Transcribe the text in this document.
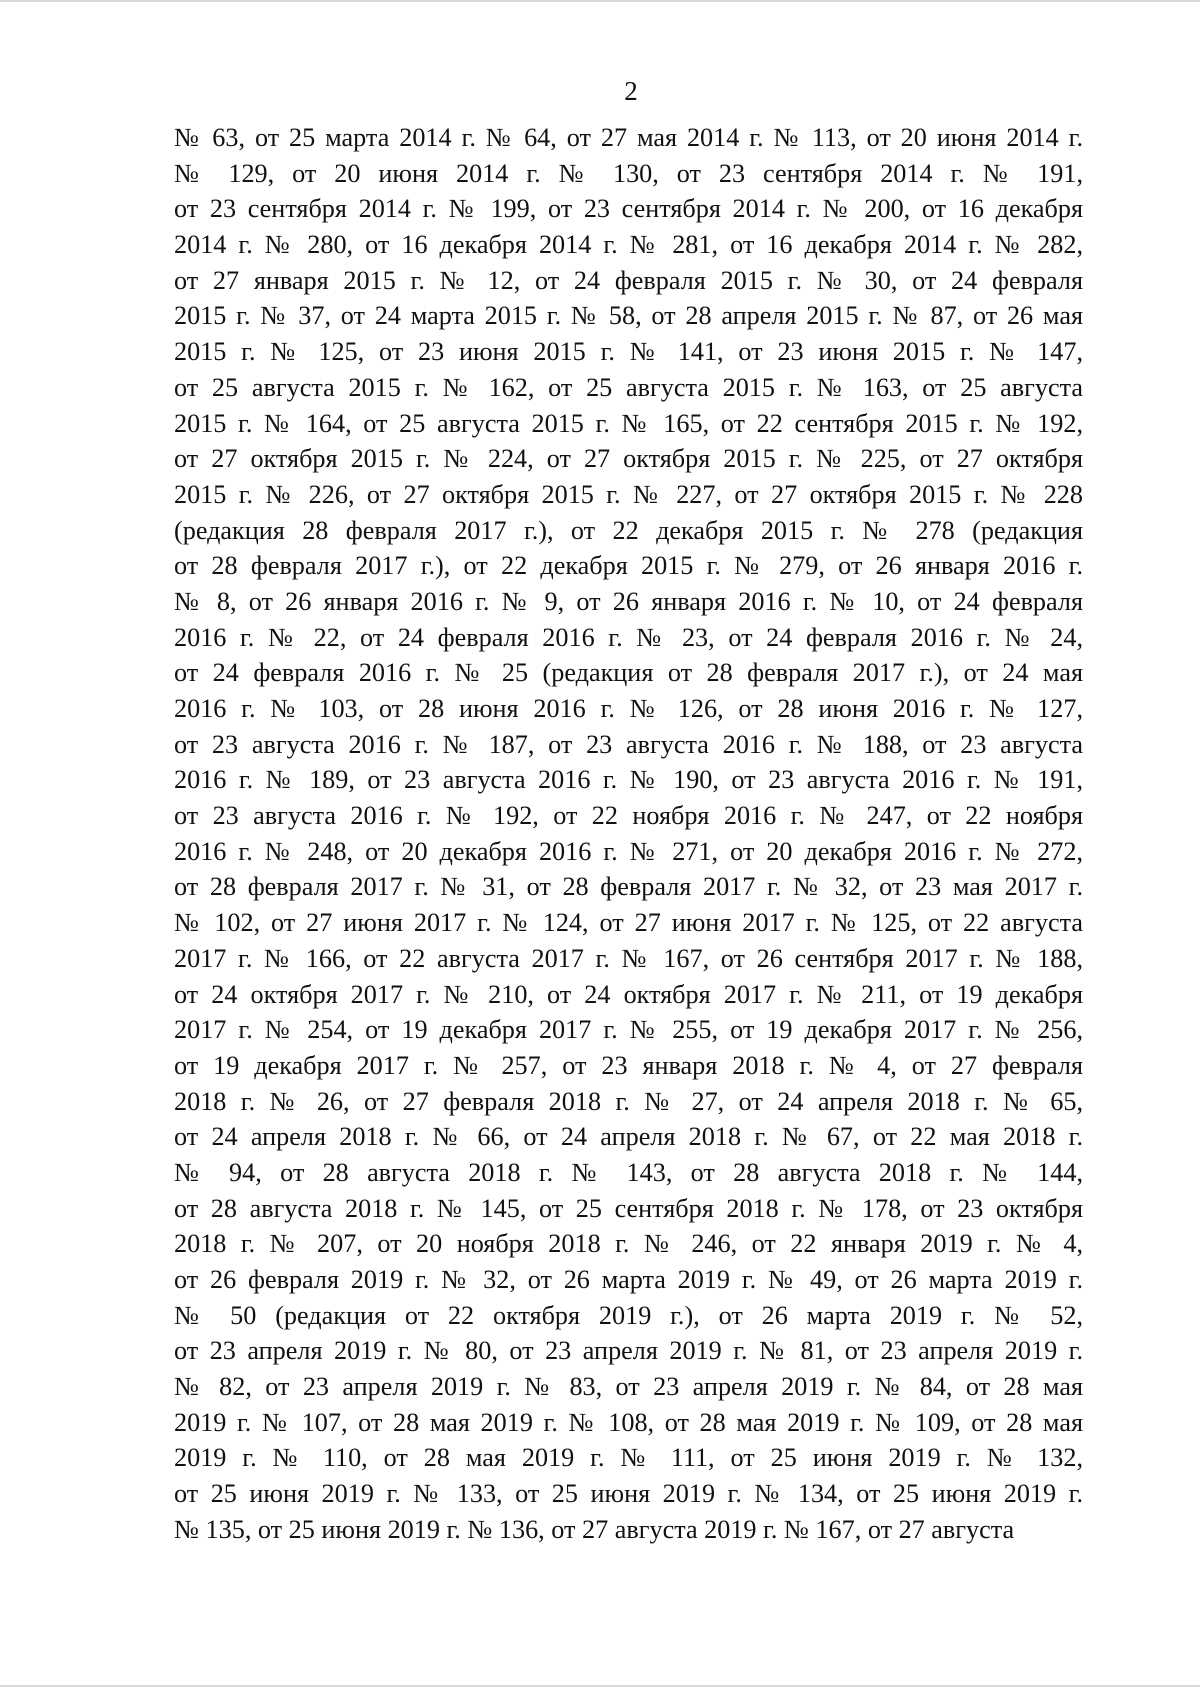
2
№ 63, от 25 марта 2014 г. № 64, от 27 мая 2014 г. № 113, от 20 июня 2014 г.
№ 129, от 20 июня 2014 г. № 130, от 23 сентября 2014 г. № 191,
от 23 сентября 2014 г. № 199, от 23 сентября 2014 г. № 200, от 16 декабря
2014 г. № 280, от 16 декабря 2014 г. № 281, от 16 декабря 2014 г. № 282,
от 27 января 2015 г. № 12, от 24 февраля 2015 г. № 30, от 24 февраля
2015 г. № 37, от 24 марта 2015 г. № 58, от 28 апреля 2015 г. № 87, от 26 мая
2015 г. № 125, от 23 июня 2015 г. № 141, от 23 июня 2015 г. № 147,
от 25 августа 2015 г. № 162, от 25 августа 2015 г. № 163, от 25 августа
2015 г. № 164, от 25 августа 2015 г. № 165, от 22 сентября 2015 г. № 192,
от 27 октября 2015 г. № 224, от 27 октября 2015 г. № 225, от 27 октября
2015 г. № 226, от 27 октября 2015 г. № 227, от 27 октября 2015 г. № 228
(редакция 28 февраля 2017 г.), от 22 декабря 2015 г. № 278 (редакция
от 28 февраля 2017 г.), от 22 декабря 2015 г. № 279, от 26 января 2016 г.
№ 8, от 26 января 2016 г. № 9, от 26 января 2016 г. № 10, от 24 февраля
2016 г. № 22, от 24 февраля 2016 г. № 23, от 24 февраля 2016 г. № 24,
от 24 февраля 2016 г. № 25 (редакция от 28 февраля 2017 г.), от 24 мая
2016 г. № 103, от 28 июня 2016 г. № 126, от 28 июня 2016 г. № 127,
от 23 августа 2016 г. № 187, от 23 августа 2016 г. № 188, от 23 августа
2016 г. № 189, от 23 августа 2016 г. № 190, от 23 августа 2016 г. № 191,
от 23 августа 2016 г. № 192, от 22 ноября 2016 г. № 247, от 22 ноября
2016 г. № 248, от 20 декабря 2016 г. № 271, от 20 декабря 2016 г. № 272,
от 28 февраля 2017 г. № 31, от 28 февраля 2017 г. № 32, от 23 мая 2017 г.
№ 102, от 27 июня 2017 г. № 124, от 27 июня 2017 г. № 125, от 22 августа
2017 г. № 166, от 22 августа 2017 г. № 167, от 26 сентября 2017 г. № 188,
от 24 октября 2017 г. № 210, от 24 октября 2017 г. № 211, от 19 декабря
2017 г. № 254, от 19 декабря 2017 г. № 255, от 19 декабря 2017 г. № 256,
от 19 декабря 2017 г. № 257, от 23 января 2018 г. № 4, от 27 февраля
2018 г. № 26, от 27 февраля 2018 г. № 27, от 24 апреля 2018 г. № 65,
от 24 апреля 2018 г. № 66, от 24 апреля 2018 г. № 67, от 22 мая 2018 г.
№ 94, от 28 августа 2018 г. № 143, от 28 августа 2018 г. № 144,
от 28 августа 2018 г. № 145, от 25 сентября 2018 г. № 178, от 23 октября
2018 г. № 207, от 20 ноября 2018 г. № 246, от 22 января 2019 г. № 4,
от 26 февраля 2019 г. № 32, от 26 марта 2019 г. № 49, от 26 марта 2019 г.
№ 50 (редакция от 22 октября 2019 г.), от 26 марта 2019 г. № 52,
от 23 апреля 2019 г. № 80, от 23 апреля 2019 г. № 81, от 23 апреля 2019 г.
№ 82, от 23 апреля 2019 г. № 83, от 23 апреля 2019 г. № 84, от 28 мая
2019 г. № 107, от 28 мая 2019 г. № 108, от 28 мая 2019 г. № 109, от 28 мая
2019 г. № 110, от 28 мая 2019 г. № 111, от 25 июня 2019 г. № 132,
от 25 июня 2019 г. № 133, от 25 июня 2019 г. № 134, от 25 июня 2019 г.
№ 135, от 25 июня 2019 г. № 136, от 27 августа 2019 г. № 167, от 27 августа
